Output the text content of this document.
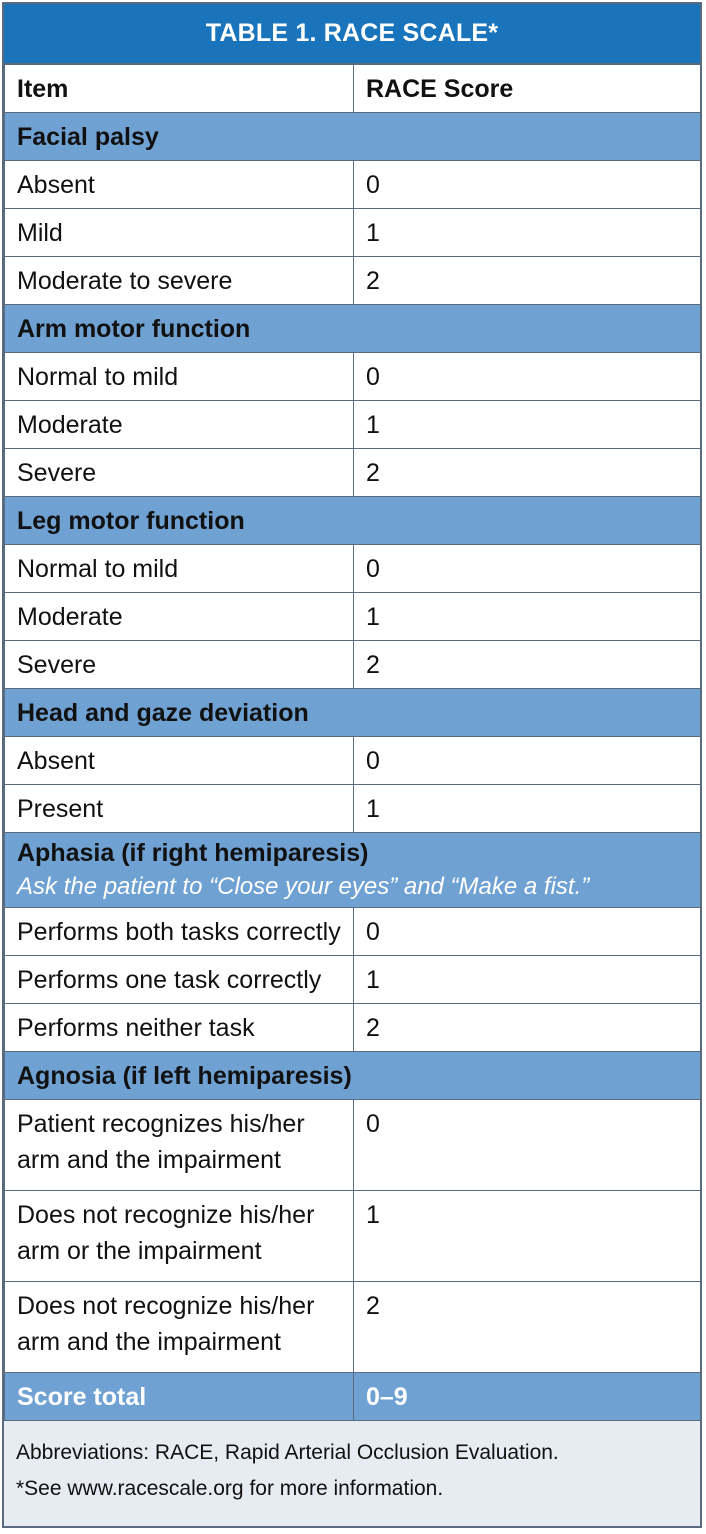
TABLE 1. RACE SCALE*
Item	RACE Score
Facial palsy	
Absent	0
Mild	1
Moderate to severe	2
Arm motor function	
Normal to mild	0
Moderate	1
Severe	2
Leg motor function	
Normal to mild	0
Moderate	1
Severe	2
Head and gaze deviation	
Absent	0
Present	1
Aphasia (if right hemiparesis)
Ask the patient to “Close your eyes” and “Make a fist.”	

Performs both tasks correctly	0
Performs one task correctly	1
Performs neither task	2
Agnosia (if left hemiparesis)	
Patient recognizes his/her arm and the impairment	0
Does not recognize his/her arm or the impairment	1
Does not recognize his/her arm and the impairment	2
Score total	0–9
Abbreviations: RACE, Rapid Arterial Occlusion Evaluation.
*See www.racescale.org for more information.
